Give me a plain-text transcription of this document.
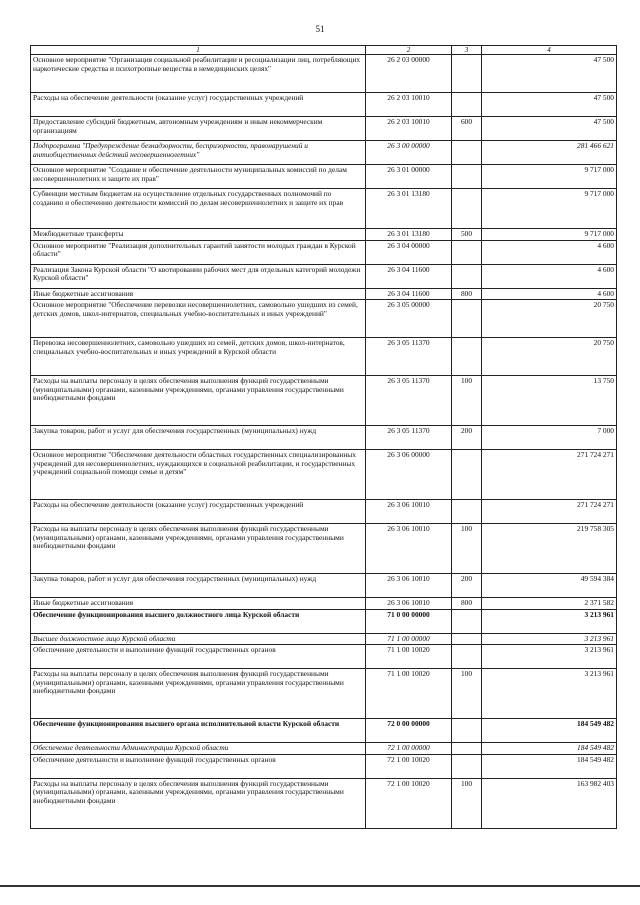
51
1	2	3	4
Основное мероприятие "Организация социальной реабилитации и ресоциализации лиц, потребляющих наркотические средства и психотропные вещества в немедицинских целях"	26 2 03 00000		47 500
Расходы на обеспечение деятельности (оказание услуг) государственных учреждений	26 2 03 10010		47 500
Предоставление субсидий бюджетным, автономным учреждениям и иным некоммерческим организациям	26 2 03 10010	600	47 500
Подпрограмма "Предупреждение безнадзорности, беспризорности, правонарушений и антиобщественных действий несовершеннолетних"	26 3 00 00000		281 466 621
Основное мероприятие "Создание и обеспечение деятельности муниципальных комиссий по делам несовершеннолетних и защите их прав"	26 3 01 00000		9 717 000
Субвенции местным бюджетам на осуществление отдельных государственных полномочий по созданию и обеспечению деятельности комиссий по делам несовершеннолетних и защите их прав	26 3 01 13180		9 717 000
Межбюджетные трансферты	26 3 01 13180	500	9 717 000
Основное мероприятие "Реализация дополнительных гарантий занятости молодых граждан в Курской области"	26 3 04 00000		4 600
Реализация Закона Курской области "О квотировании рабочих мест для отдельных категорий молодежи Курской области"	26 3 04 11600		4 600
Иные бюджетные ассигнования	26 3 04 11600	800	4 600
Основное мероприятие "Обеспечение перевозки несовершеннолетних, самовольно ушедших из семей, детских домов, школ-интернатов, специальных учебно-воспитательных и иных учреждений"	26 3 05 00000		20 750
Перевозка несовершеннолетних, самовольно ушедших из семей, детских домов, школ-интернатов, специальных учебно-воспитательных и иных учреждений в Курской области	26 3 05 11370		20 750
Расходы на выплаты персоналу в целях обеспечения выполнения функций государственными (муниципальными) органами, казенными учреждениями, органами управления государственными внебюджетными фондами	26 3 05 11370	100	13 750
Закупка товаров, работ и услуг для обеспечения государственных (муниципальных) нужд	26 3 05 11370	200	7 000
Основное мероприятие "Обеспечение деятельности областных государственных специализированных учреждений для несовершеннолетних, нуждающихся в социальной реабилитации, и государственных учреждений социальной помощи семье и детям"	26 3 06 00000		271 724 271
Расходы на обеспечение деятельности (оказание услуг) государственных учреждений	26 3 06 10010		271 724 271
Расходы на выплаты персоналу в целях обеспечения выполнения функций государственными (муниципальными) органами, казенными учреждениями, органами управления государственными внебюджетными фондами	26 3 06 10010	100	219 758 305
Закупка товаров, работ и услуг для обеспечения государственных (муниципальных) нужд	26 3 06 10010	200	49 594 384
Иные бюджетные ассигнования	26 3 06 10010	800	2 371 582
Обеспечение функционирования высшего должностного лица Курской области	71 0 00 00000		3 213 961
Высшее должностное лицо Курской области	71 1 00 00000		3 213 961
Обеспечение деятельности и выполнение функций государственных органов	71 1 00 10020		3 213 961
Расходы на выплаты персоналу в целях обеспечения выполнения функций государственными (муниципальными) органами, казенными учреждениями, органами управления государственными внебюджетными фондами	71 1 00 10020	100	3 213 961
Обеспечение функционирования высшего органа исполнительной власти Курской области	72 0 00 00000		184 549 482
Обеспечение деятельности Администрации Курской области	72 1 00 00000		184 549 482
Обеспечение деятельности и выполнение функций государственных органов	72 1 00 10020		184 549 482
Расходы на выплаты персоналу в целях обеспечения выполнения функций государственными (муниципальными) органами, казенными учреждениями, органами управления государственными внебюджетными фондами	72 1 00 10020	100	163 982 403
